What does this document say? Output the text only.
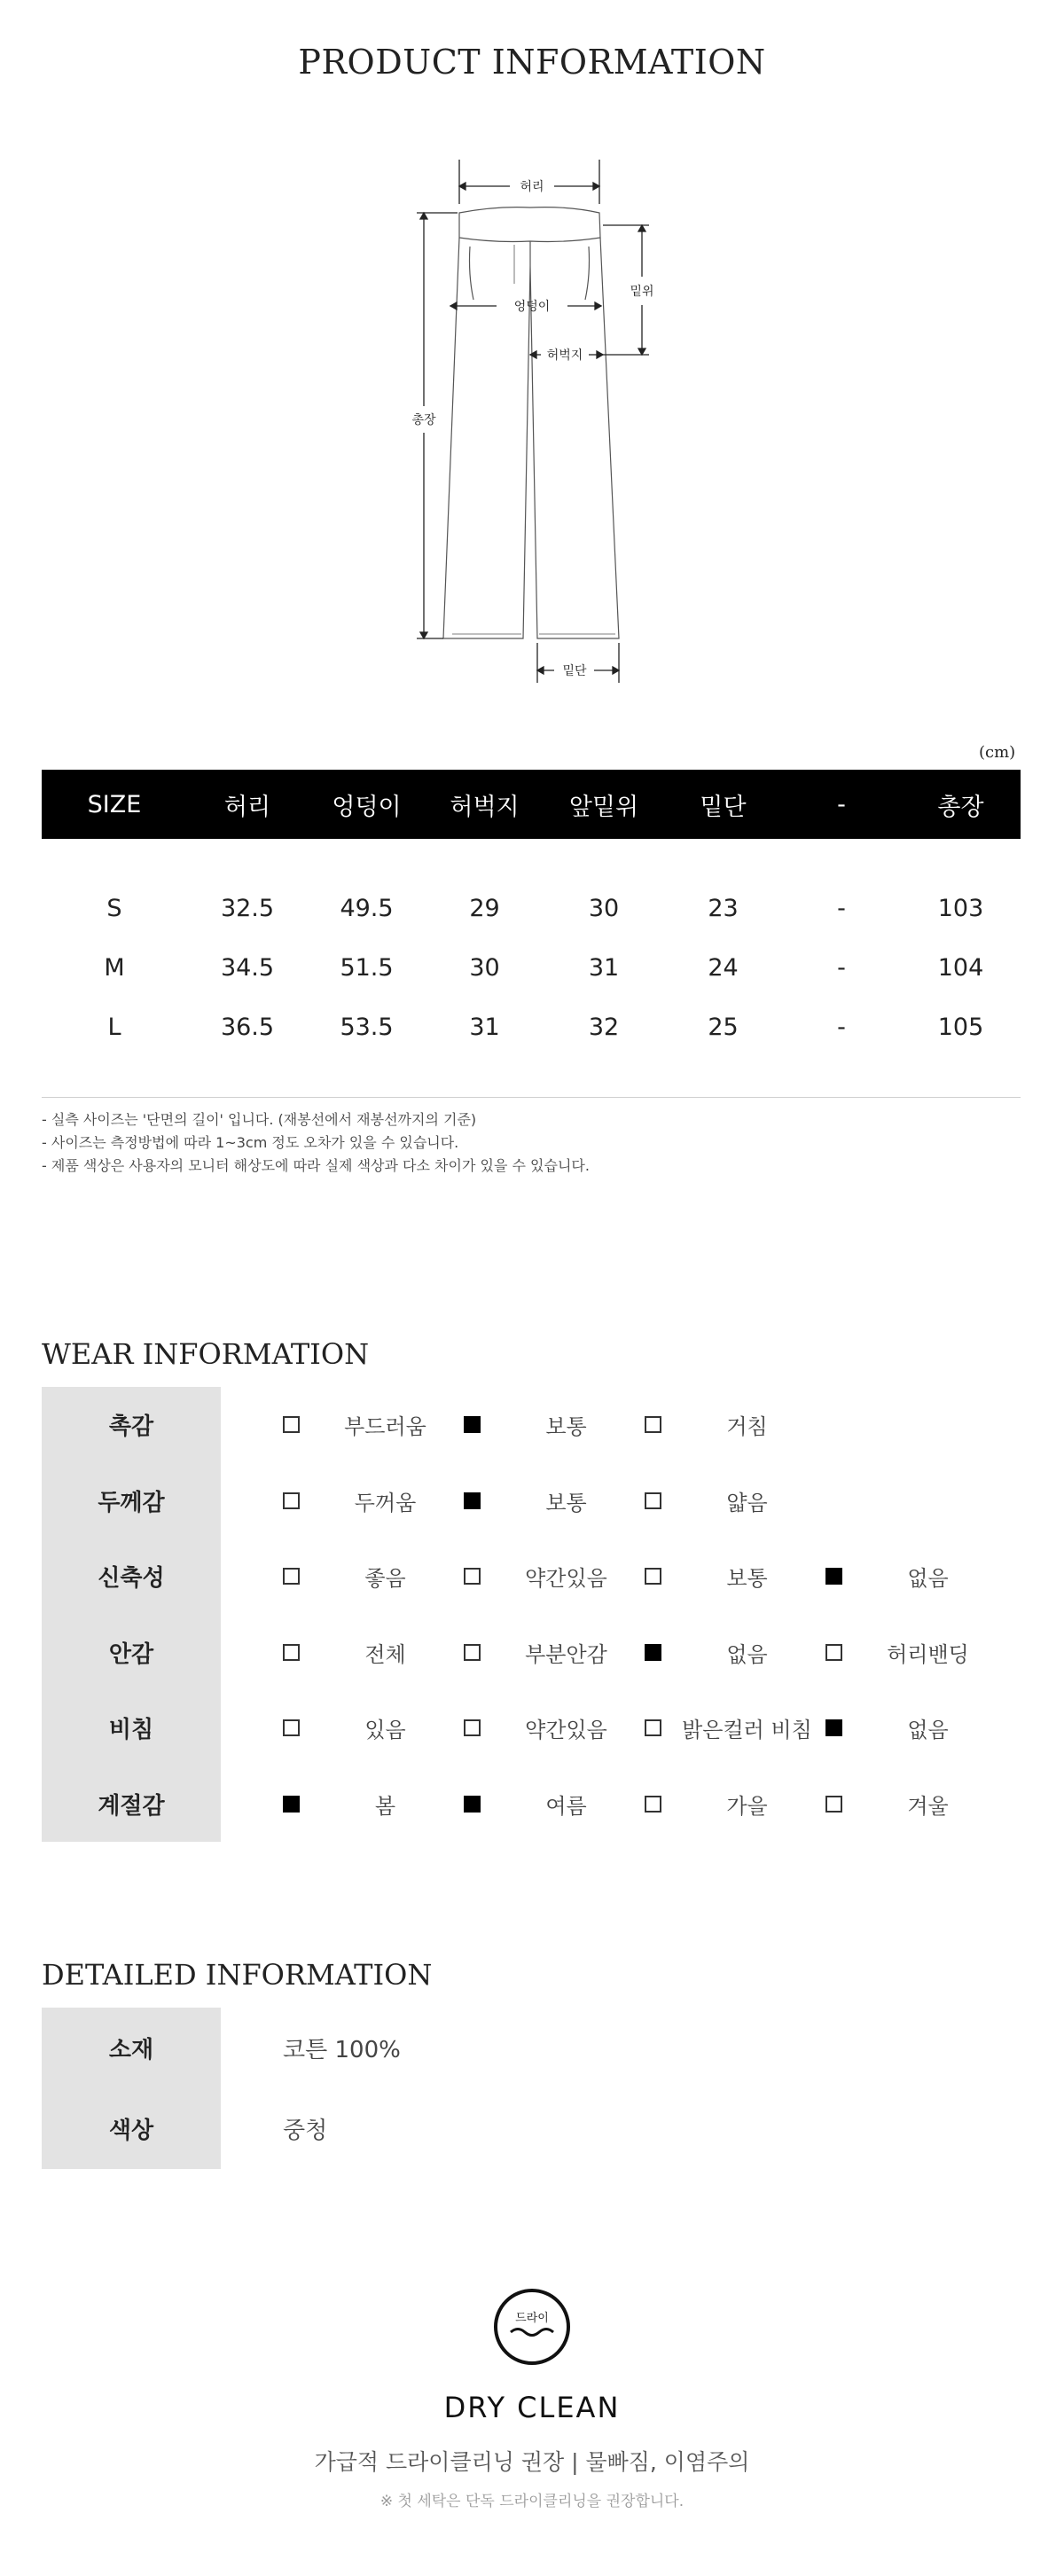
PRODUCT INFORMATION
허리
총장
밑위
엉덩이
허벅지
밑단
(cm)
SIZE	허리	엉덩이	허벅지	앞밑위	밑단	-	총장
S	32.5	49.5	29	30	23	-	103
M	34.5	51.5	30	31	24	-	104
L	36.5	53.5	31	32	25	-	105
- 실측 사이즈는 '단면의 길이' 입니다. (재봉선에서 재봉선까지의 기준)
- 사이즈는 측정방법에 따라 1~3cm 정도 오차가 있을 수 있습니다.
- 제품 색상은 사용자의 모니터 해상도에 따라 실제 색상과 다소 차이가 있을 수 있습니다.
WEAR INFORMATION
촉감	부드러움	보통	거침
두께감	두꺼움	보통	얇음
신축성	좋음	약간있음	보통	없음
안감	전체	부분안감	없음	허리밴딩
비침	있음	약간있음	밝은컬러 비침	없음
계절감	봄	여름	가을	겨울
DETAILED INFORMATION
소재	코튼 100%
색상	중청
드라이
DRY CLEAN
가급적 드라이클리닝 권장 | 물빠짐, 이염주의
※ 첫 세탁은 단독 드라이클리닝을 권장합니다.
